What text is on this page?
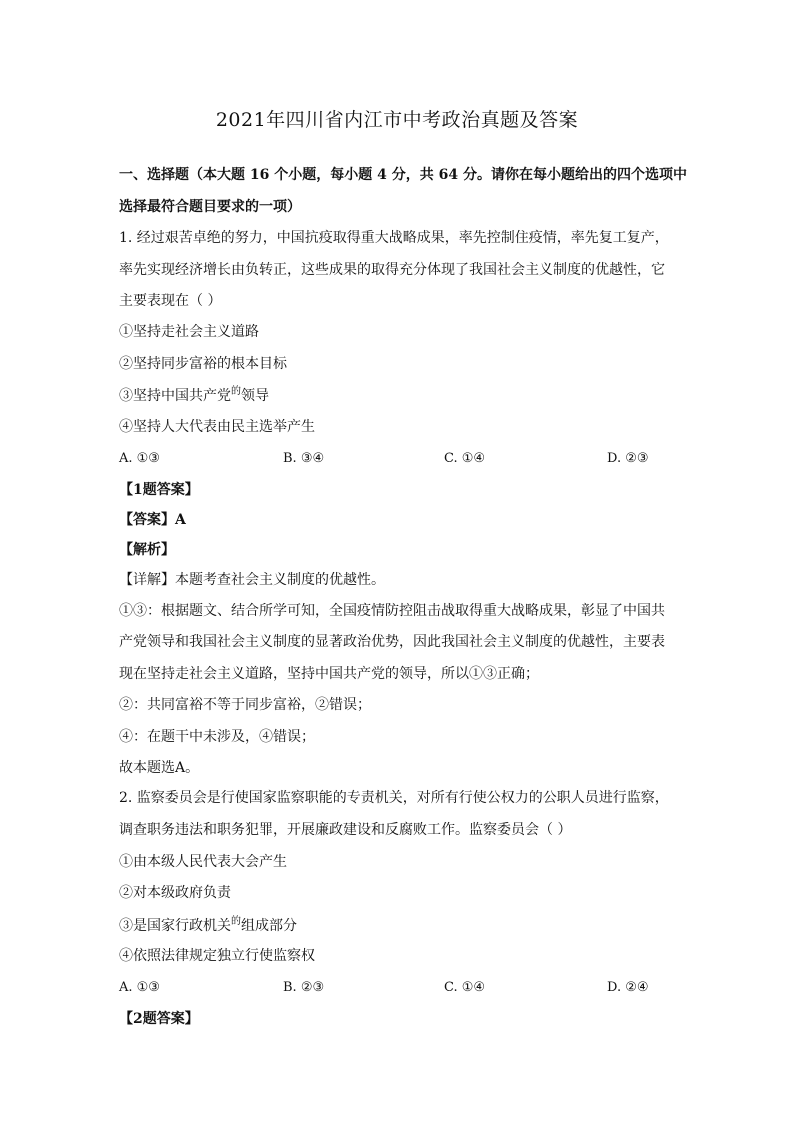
2021年四川省内江市中考政治真题及答案
一、选择题（本大题 16 个小题，每小题 4 分，共 64 分。请你在每小题给出的四个选项中
选择最符合题目要求的一项）
1. 经过艰苦卓绝的努力，中国抗疫取得重大战略成果，率先控制住疫情，率先复工复产，
率先实现经济增长由负转正，这些成果的取得充分体现了我国社会主义制度的优越性，它
主要表现在（ ）
①坚持走社会主义道路
②坚持同步富裕的根本目标
③坚持中国共产党$^的$领导
④坚持人大代表由民主选举产生
A. ①③	B. ③④	C. ①④	D. ②③
【1题答案】
【答案】A
【解析】
【详解】本题考查社会主义制度的优越性。
①③：根据题文、结合所学可知，全国疫情防控阻击战取得重大战略成果，彰显了中国共
产党领导和我国社会主义制度的显著政治优势，因此我国社会主义制度的优越性，主要表
现在坚持走社会主义道路，坚持中国共产党的领导，所以①③正确；
②：共同富裕不等于同步富裕，②错误；
④：在题干中未涉及，④错误；
故本题选A。
2. 监察委员会是行使国家监察职能的专责机关，对所有行使公权力的公职人员进行监察，
调查职务违法和职务犯罪，开展廉政建设和反腐败工作。监察委员会（ ）
①由本级人民代表大会产生
②对本级政府负责
③是国家行政机关$^的$组成部分
④依照法律规定独立行使监察权
A. ①③	B. ②③	C. ①④	D. ②④
【2题答案】
